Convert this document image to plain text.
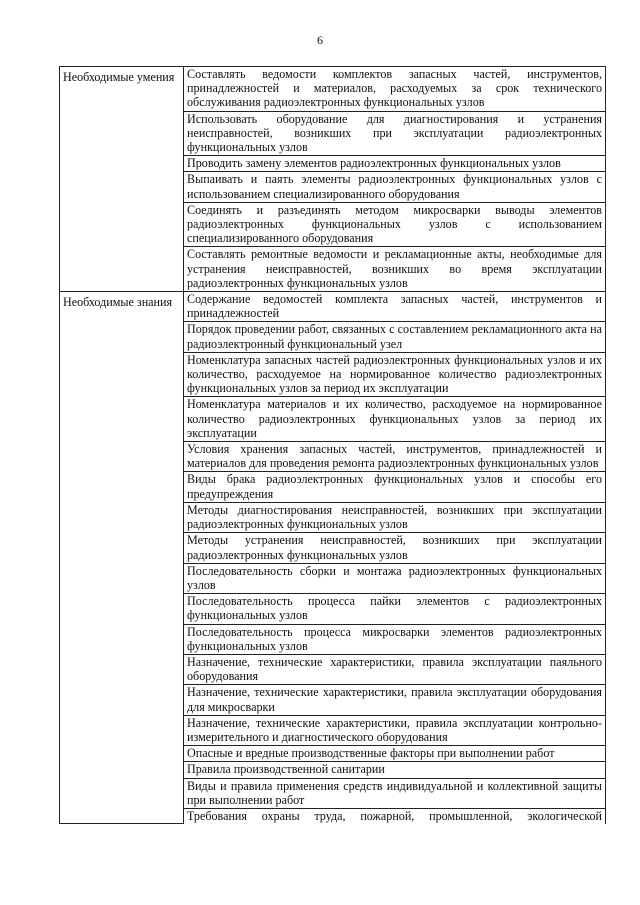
6
Необходимые умения	Составлять ведомости комплектов запасных частей, инструментов, принадлежностей и материалов, расходуемых за срок технического обслуживания радиоэлектронных функциональных узлов
	Использовать оборудование для диагностирования и устранения неисправностей, возникших при эксплуатации радиоэлектронных функциональных узлов
	Проводить замену элементов радиоэлектронных функциональных узлов
	Выпаивать и паять элементы радиоэлектронных функциональных узлов с использованием специализированного оборудования
	Соединять и разъединять методом микросварки выводы элементов радиоэлектронных функциональных узлов с использованием специализированного оборудования
	Составлять ремонтные ведомости и рекламационные акты, необходимые для устранения неисправностей, возникших во время эксплуатации радиоэлектронных функциональных узлов
Необходимые знания	Содержание ведомостей комплекта запасных частей, инструментов и принадлежностей
	Порядок проведении работ, связанных с составлением рекламационного акта на радиоэлектронный функциональный узел
	Номенклатура запасных частей радиоэлектронных функциональных узлов и их количество, расходуемое на нормированное количество радиоэлектронных функциональных узлов за период их эксплуатации
	Номенклатура материалов и их количество, расходуемое на нормированное количество радиоэлектронных функциональных узлов за период их эксплуатации
	Условия хранения запасных частей, инструментов, принадлежностей и материалов для проведения ремонта радиоэлектронных функциональных узлов
	Виды брака радиоэлектронных функциональных узлов и способы его предупреждения
	Методы диагностирования неисправностей, возникших при эксплуатации радиоэлектронных функциональных узлов
	Методы устранения неисправностей, возникших при эксплуатации радиоэлектронных функциональных узлов
	Последовательность сборки и монтажа радиоэлектронных функциональных узлов
	Последовательность процесса пайки элементов с радиоэлектронных функциональных узлов
	Последовательность процесса микросварки элементов радиоэлектронных функциональных узлов
	Назначение, технические характеристики, правила эксплуатации паяльного оборудования
	Назначение, технические характеристики, правила эксплуатации оборудования для микросварки
	Назначение, технические характеристики, правила эксплуатации контрольно-измерительного и диагностического оборудования
	Опасные и вредные производственные факторы при выполнении работ
	Правила производственной санитарии
	Виды и правила применения средств индивидуальной и коллективной защиты при выполнении работ

	Требования охраны труда, пожарной, промышленной, экологической
